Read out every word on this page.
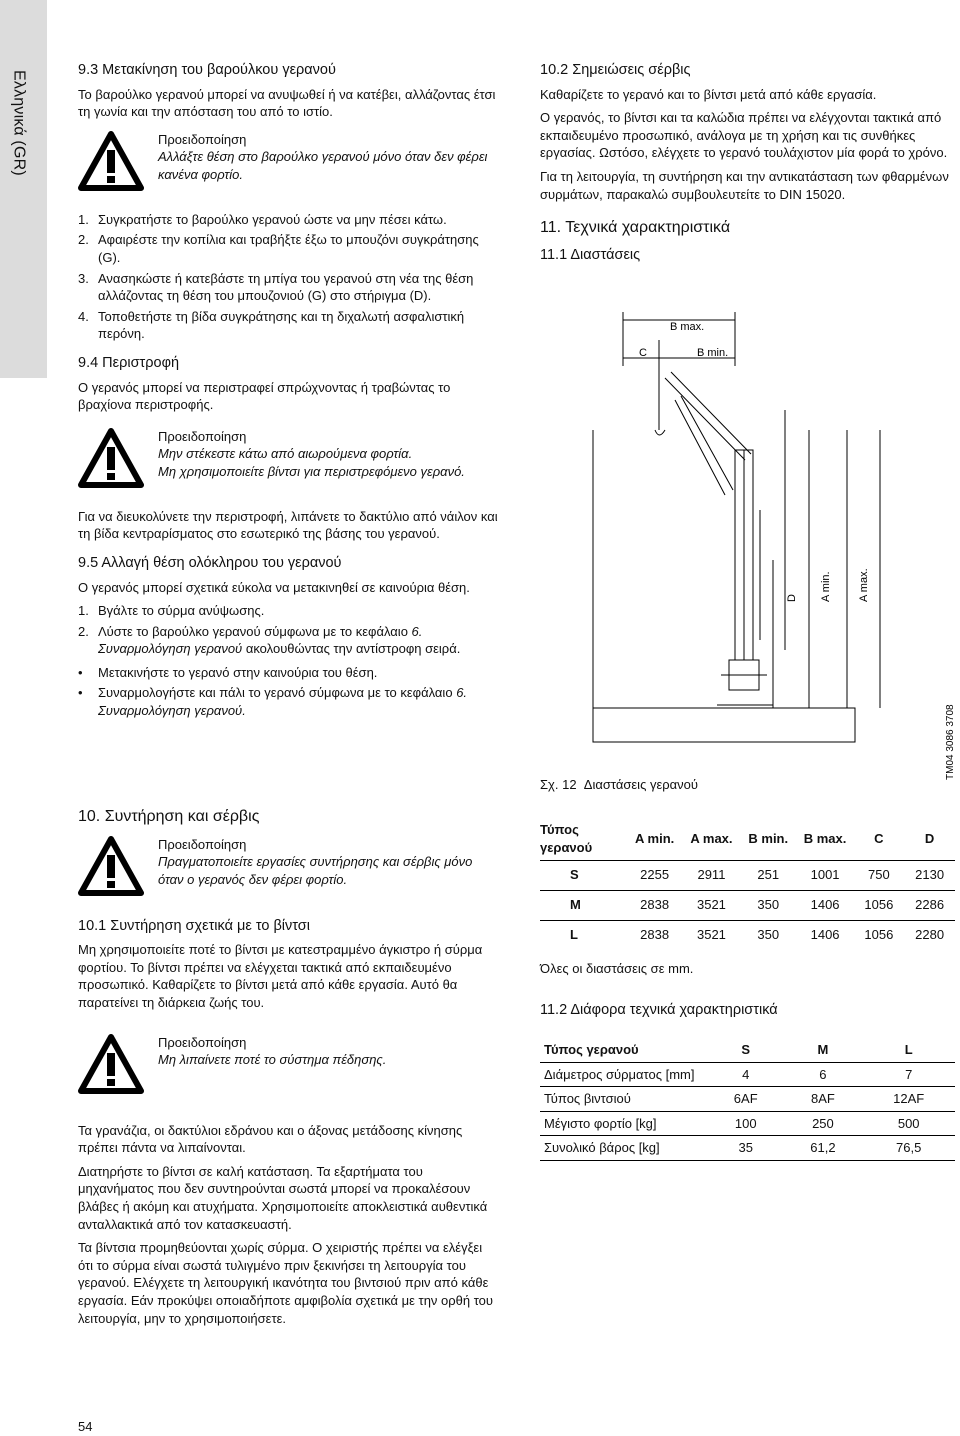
Ελληνικά (GR)	9.3 Μετακίνηση του βαρούλκου γερανού

Το βαρούλκο γερανού μπορεί να ανυψωθεί ή να κατέβει, αλλάζοντας έτσι τη γωνία και την απόσταση του από το ιστίο.

Προειδοποίηση
Αλλάξτε θέση στο βαρούλκο γερανού μόνο όταν δεν φέρει κανένα φορτίο.
1. Συγκρατήστε το βαρούλκο γερανού ώστε να μην πέσει κάτω.
2. Αφαιρέστε την κοπίλια και τραβήξτε έξω το μπουζόνι συγκράτησης (G).
3. Ανασηκώστε ή κατεβάστε τη μπίγα του γερανού στη νέα της θέση αλλάζοντας τη θέση του μπουζονιού (G) στο στήριγμα (D).
4. Τοποθετήστε τη βίδα συγκράτησης και τη διχαλωτή ασφαλιστική περόνη.
9.4 Περιστροφή

Ο γερανός μπορεί να περιστραφεί σπρώχνοντας ή τραβώντας το βραχίονα περιστροφής.

Προειδοποίηση
Μην στέκεστε κάτω από αιωρούμενα φορτία.
Μη χρησιμοποιείτε βίντσι για περιστρεφόμενο γερανό.

Για να διευκολύνετε την περιστροφή, λιπάνετε το δακτύλιο από νάιλον και τη βίδα κεντραρίσματος στο εσωτερικό της βάσης του γερανού.

9.5 Αλλαγή θέση ολόκληρου του γερανού

Ο γερανός μπορεί σχετικά εύκολα να μετακινηθεί σε καινούρια θέση.

1. Βγάλτε το σύρμα ανύψωσης.
2. Λύστε το βαρούλκο γερανού σύμφωνα με το κεφάλαιο 6. Συναρμολόγηση γερανού ακολουθώντας την αντίστροφη σειρά.
•	Μετακινήστε το γερανό στην καινούρια του θέση.
•	Συναρμολογήστε και πάλι το γερανό σύμφωνα με το κεφάλαιο 6. Συναρμολόγηση γερανού.
10. Συντήρηση και σέρβις
Προειδοποίηση
Πραγματοποιείτε εργασίες συντήρησης και σέρβις μόνο όταν ο γερανός δεν φέρει φορτίο.
10.1 Συντήρηση σχετικά με το βίντσι

Μη χρησιμοποιείτε ποτέ το βίντσι με κατεστραμμένο άγκιστρο ή σύρμα φορτίου. Το βίντσι πρέπει να ελέγχεται τακτικά από εκπαιδευμένο προσωπικό. Καθαρίζετε το βίντσι μετά από κάθε εργασία. Αυτό θα παρατείνει τη διάρκεια ζωής του.

Προειδοποίηση
Μη λιπαίνετε ποτέ το σύστημα πέδησης.

Τα γρανάζια, οι δακτύλιοι εδράνου και ο άξονας μετάδοσης κίνησης πρέπει πάντα να λιπαίνονται.

Διατηρήστε το βίντσι σε καλή κατάσταση. Τα εξαρτήματα του μηχανήματος που δεν συντηρούνται σωστά μπορεί να προκαλέσουν βλάβες ή ακόμη και ατυχήματα. Χρησιμοποιείτε αποκλειστικά αυθεντικά ανταλλακτικά από τον κατασκευαστή.

Τα βίντσια προμηθεύονται χωρίς σύρμα. Ο χειριστής πρέπει να ελέγξει ότι το σύρμα είναι σωστά τυλιγμένο πριν ξεκινήσει τη λειτουργία του γερανού. Ελέγχετε τη λειτουργική ικανότητα του βιντσιού πριν από κάθε εργασία. Εάν προκύψει οποιαδήποτε αμφιβολία σχετικά με την ορθή του λειτουργία, μην το χρησιμοποιήσετε.

10.2 Σημειώσεις σέρβις

Καθαρίζετε το γερανό και το βίντσι μετά από κάθε εργασία.

Ο γερανός, το βίντσι και τα καλώδια πρέπει να ελέγχονται τακτικά από εκπαιδευμένο προσωπικό, ανάλογα με τη χρήση και τις συνθήκες εργασίας. Ωστόσο, ελέγχετε το γερανό τουλάχιστον μία φορά το χρόνο.

Για τη λειτουργία, τη συντήρηση και την αντικατάσταση των φθαρμένων συρμάτων, παρακαλώ συμβουλευτείτε το DIN 15020.

11. Τεχνικά χαρακτηριστικά
11.1 Διαστάσεις
B max.
C	B min.
D A min. A max.
TM04 3086 3708
Σχ. 12 Διαστάσεις γερανού
Τύπος
γερανού	A min.	A max.	B min.	B max.	C	D
S	2255	2911	251	1001	750	2130
M	2838	3521	350	1406	1056	2286
L	2838	3521	350	1406	1056	2280
Όλες οι διαστάσεις σε mm.
11.2 Διάφορα τεχνικά χαρακτηριστικά
Τύπος γερανού	S	M	L
Διάμετρος σύρματος [mm]	4	6	7
Τύπος βιντσιού	6AF	8AF	12AF
Μέγιστο φορτίο [kg]	100	250	500
Συνολικό βάρος [kg]	35	61,2	76,5
54
